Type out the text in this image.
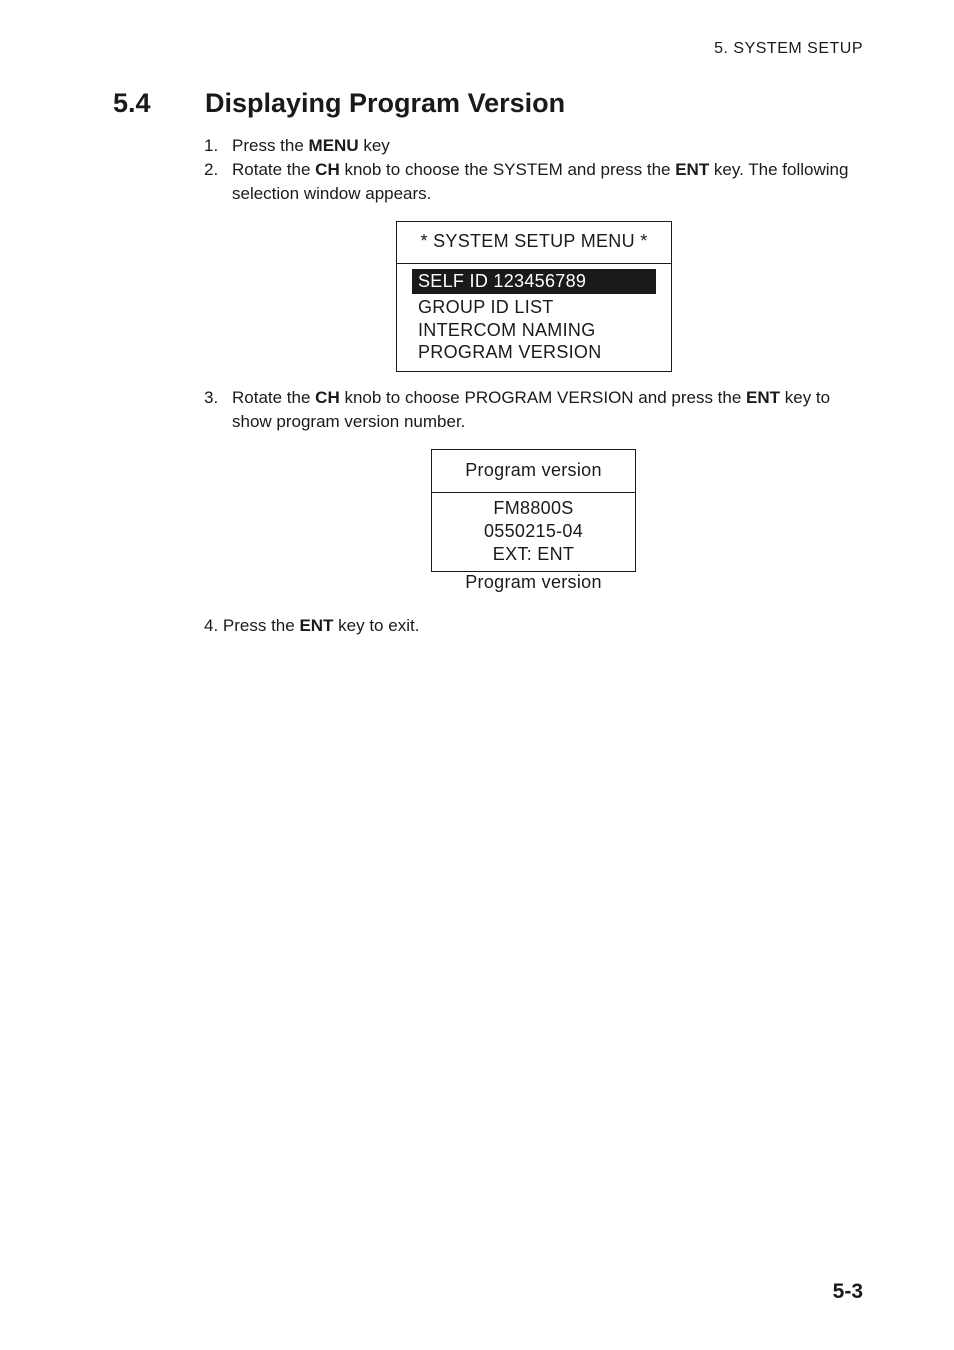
5. SYSTEM SETUP
5.4 Displaying Program Version
1. Press the MENU key
2. Rotate the CH knob to choose the SYSTEM and press the ENT key. The following selection window appears.
* SYSTEM SETUP MENU *
SELF ID 123456789
GROUP ID LIST
INTERCOM NAMING
PROGRAM VERSION
3. Rotate the CH knob to choose PROGRAM VERSION and press the ENT key to show program version number.
Program version
FM8800S
0550215-04
EXT: ENT
Program version
4. Press the ENT key to exit.
5-3
